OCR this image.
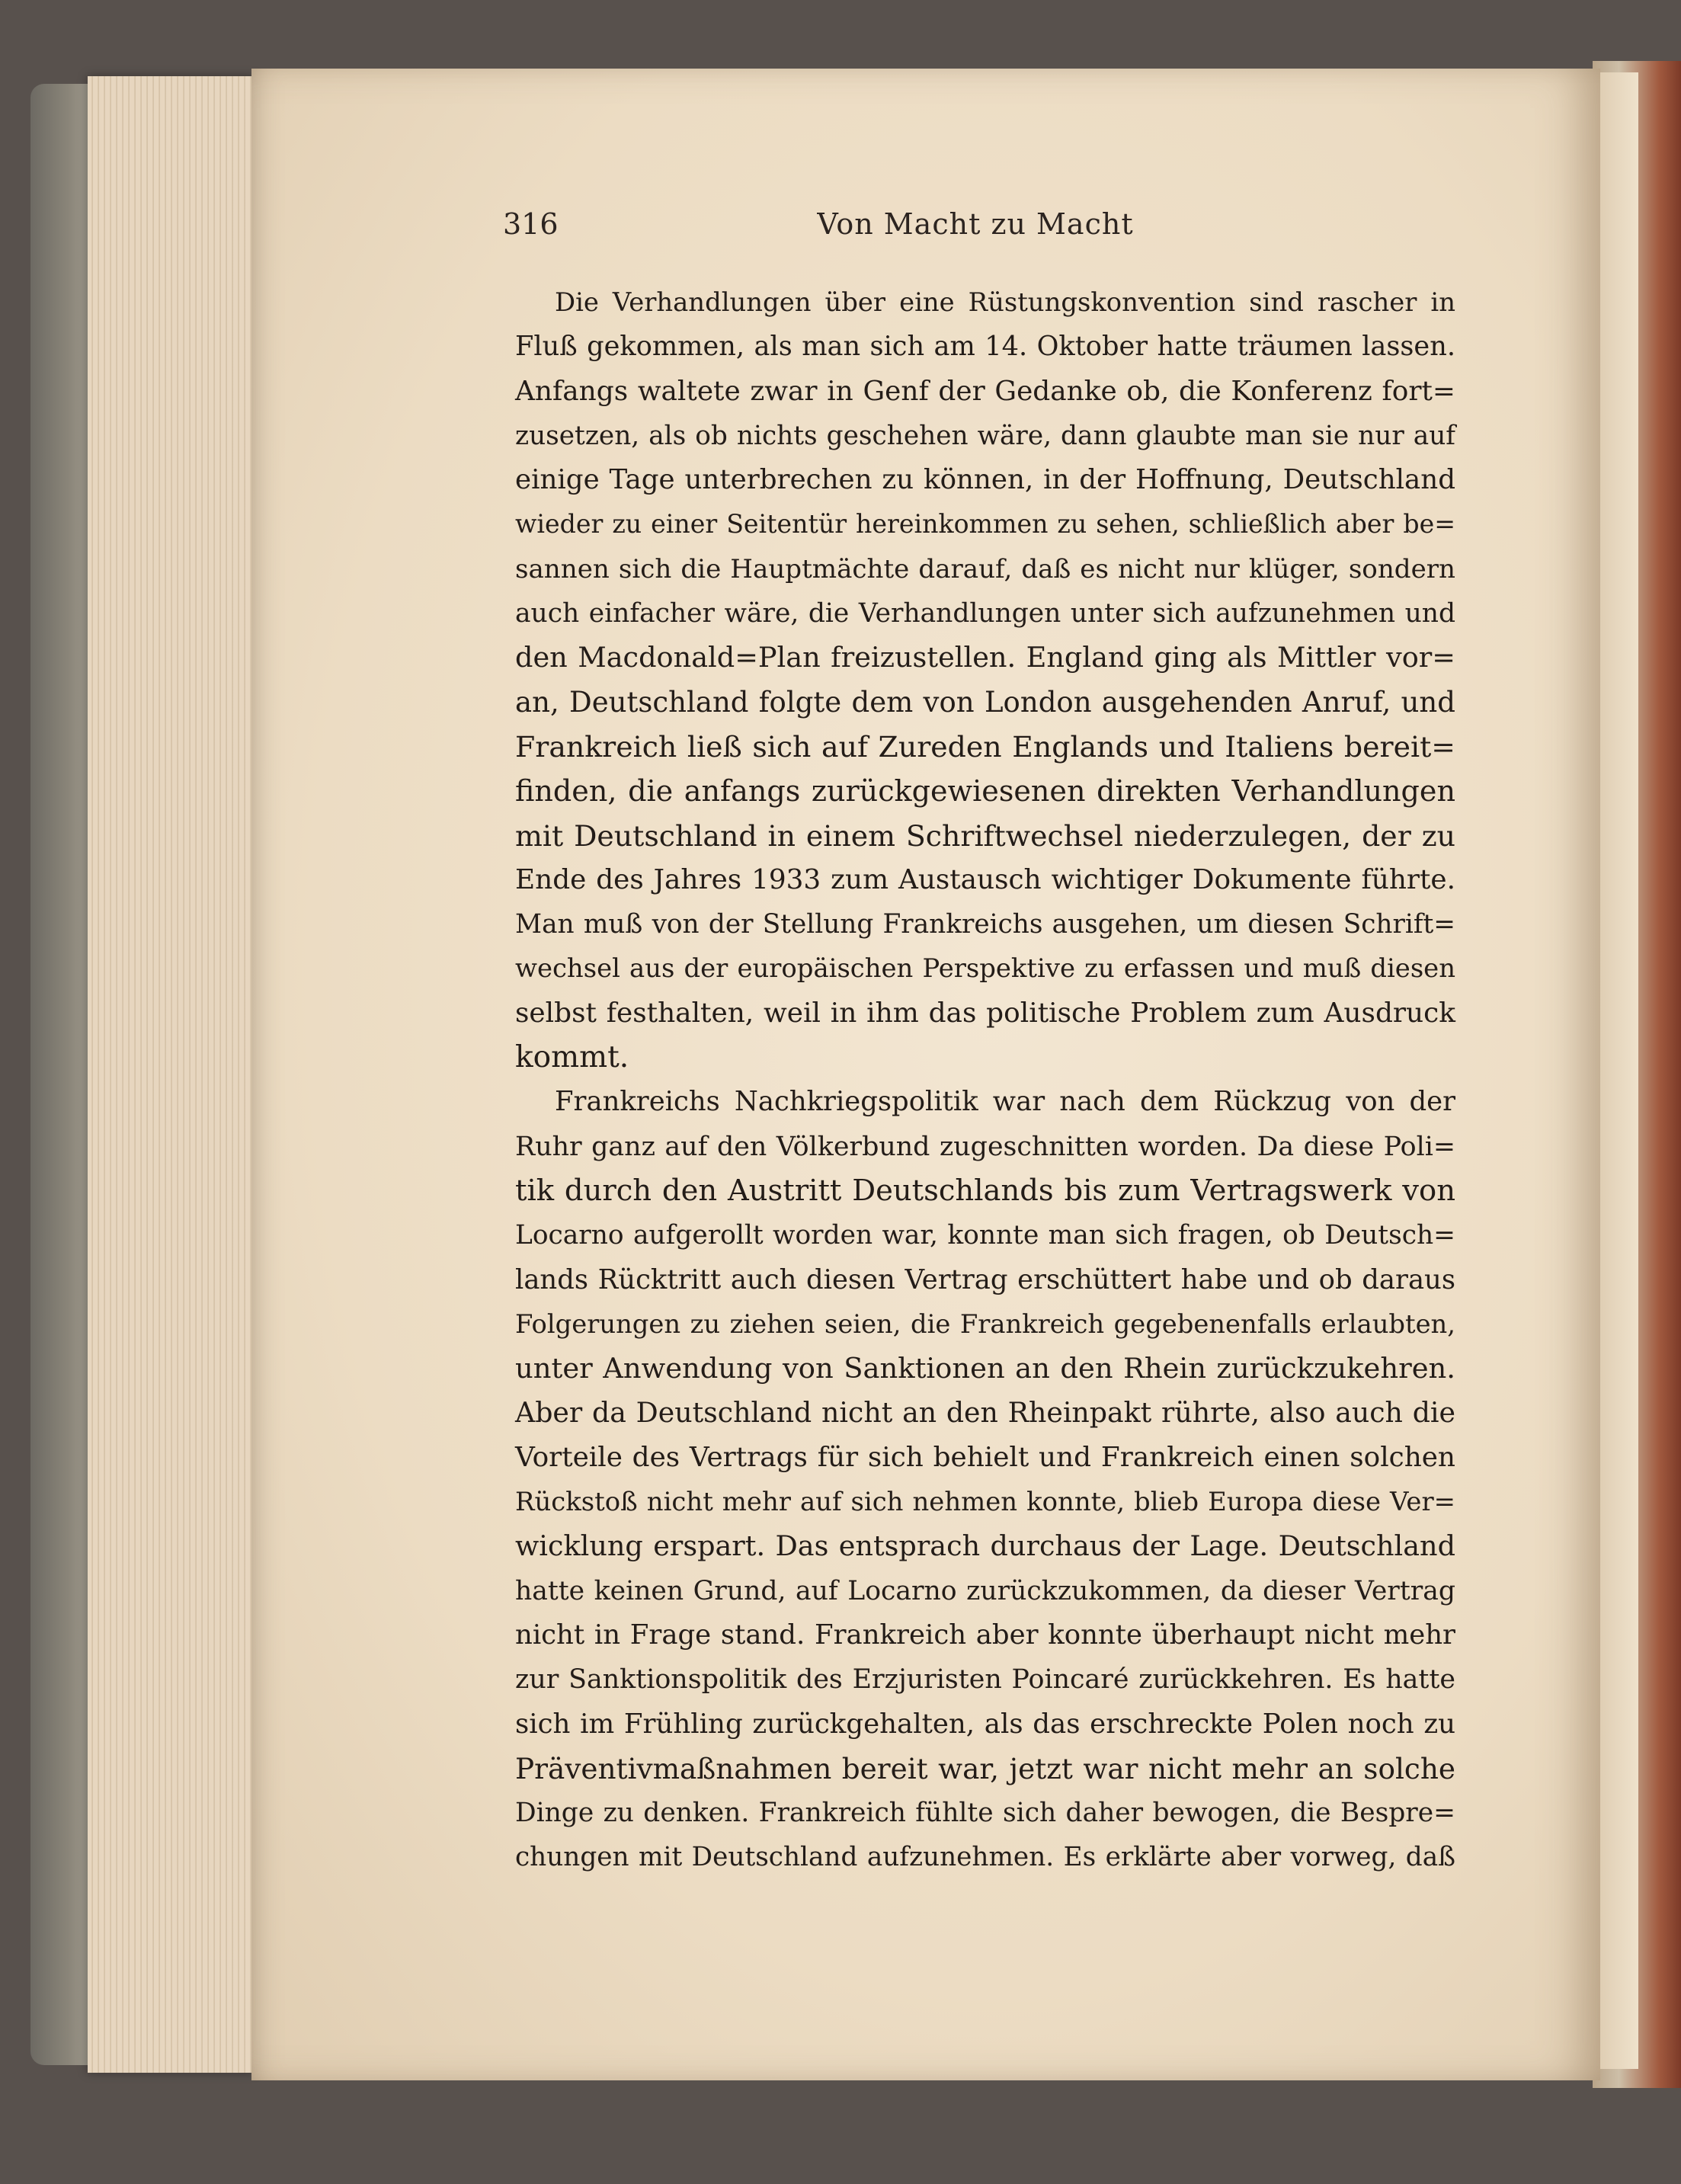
316	Von Macht zu Macht
Die Verhandlungen über eine Rüstungskonvention sind rascher in
Fluß gekommen, als man sich am 14. Oktober hatte träumen lassen.
Anfangs waltete zwar in Genf der Gedanke ob, die Konferenz fort=
zusetzen, als ob nichts geschehen wäre, dann glaubte man sie nur auf
einige Tage unterbrechen zu können, in der Hoffnung, Deutschland
wieder zu einer Seitentür hereinkommen zu sehen, schließlich aber be=
sannen sich die Hauptmächte darauf, daß es nicht nur klüger, sondern
auch einfacher wäre, die Verhandlungen unter sich aufzunehmen und
den Macdonald=Plan freizustellen. England ging als Mittler vor=
an, Deutschland folgte dem von London ausgehenden Anruf, und
Frankreich ließ sich auf Zureden Englands und Italiens bereit=
finden, die anfangs zurückgewiesenen direkten Verhandlungen
mit Deutschland in einem Schriftwechsel niederzulegen, der zu
Ende des Jahres 1933 zum Austausch wichtiger Dokumente führte.
Man muß von der Stellung Frankreichs ausgehen, um diesen Schrift=
wechsel aus der europäischen Perspektive zu erfassen und muß diesen
selbst festhalten, weil in ihm das politische Problem zum Ausdruck
kommt.
Frankreichs Nachkriegspolitik war nach dem Rückzug von der
Ruhr ganz auf den Völkerbund zugeschnitten worden. Da diese Poli=
tik durch den Austritt Deutschlands bis zum Vertragswerk von
Locarno aufgerollt worden war, konnte man sich fragen, ob Deutsch=
lands Rücktritt auch diesen Vertrag erschüttert habe und ob daraus
Folgerungen zu ziehen seien, die Frankreich gegebenenfalls erlaubten,
unter Anwendung von Sanktionen an den Rhein zurückzukehren.
Aber da Deutschland nicht an den Rheinpakt rührte, also auch die
Vorteile des Vertrags für sich behielt und Frankreich einen solchen
Rückstoß nicht mehr auf sich nehmen konnte, blieb Europa diese Ver=
wicklung erspart. Das entsprach durchaus der Lage. Deutschland
hatte keinen Grund, auf Locarno zurückzukommen, da dieser Vertrag
nicht in Frage stand. Frankreich aber konnte überhaupt nicht mehr
zur Sanktionspolitik des Erzjuristen Poincaré zurückkehren. Es hatte
sich im Frühling zurückgehalten, als das erschreckte Polen noch zu
Präventivmaßnahmen bereit war, jetzt war nicht mehr an solche
Dinge zu denken. Frankreich fühlte sich daher bewogen, die Bespre=
chungen mit Deutschland aufzunehmen. Es erklärte aber vorweg, daß
